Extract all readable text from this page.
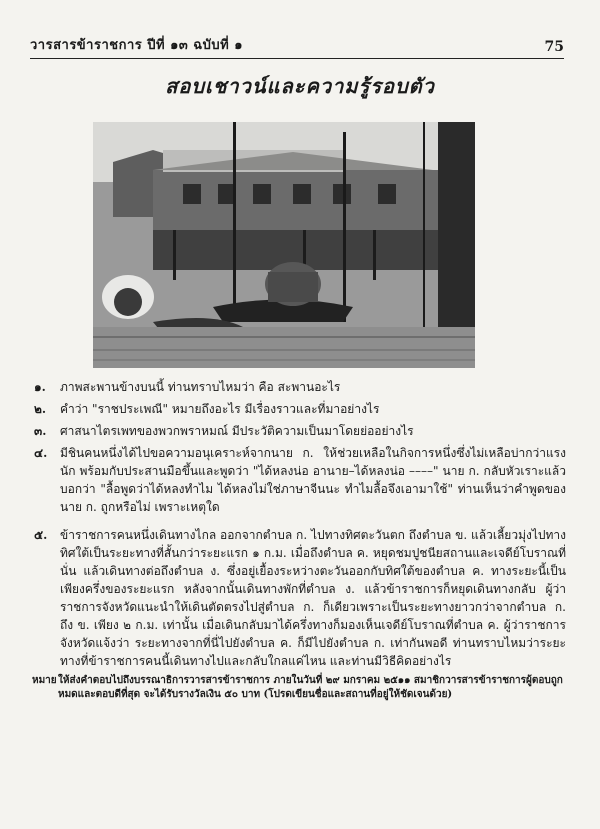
วารสารข้าราชการ ปีที่ ๑๓ ฉบับที่ ๑	75
สอบเชาวน์และความรู้รอบตัว
๑. ภาพสะพานข้างบนนี้ ท่านทราบไหมว่า คือ สะพานอะไร
๒. คำว่า "ราชประเพณี" หมายถึงอะไร มีเรื่องราวและที่มาอย่างไร
๓. ศาสนาไตรเพทของพวกพราหมณ์ มีประวัติความเป็นมาโดยย่ออย่างไร
๔. มีชินคนหนึ่งได้ไปขอความอนุเคราะห์จากนาย ก. ให้ช่วยเหลือในกิจการหนึ่งซึ่งไม่เหลือบ่ากว่าแรงนัก พร้อมกับประสานมือขึ้นและพูดว่า "ได้หลงน่อ อานาย–ได้หลงน่อ ––––" นาย ก. กลับหัวเราะแล้วบอกว่า "ลื้อพูดว่าได้หลงทำไม ได้หลงไม่ใช่ภาษาจีนนะ ทำไมลื้อจึงเอามาใช้" ท่านเห็นว่าคำพูดของ นาย ก. ถูกหรือไม่ เพราะเหตุใด
๕. ข้าราชการคนหนึ่งเดินทางไกล ออกจากตำบล ก. ไปทางทิศตะวันตก ถึงตำบล ข. แล้วเลี้ยวมุ่งไปทางทิศใต้เป็นระยะทางที่สั้นกว่าระยะแรก ๑ ก.ม. เมื่อถึงตำบล ค. หยุดชมปูชนียสถานและเจดีย์โบราณที่นั่น แล้วเดินทางต่อถึงตำบล ง. ซึ่งอยู่เยื้องระหว่างตะวันออกกับทิศใต้ของตำบล ค. ทางระยะนี้เป็นเพียงครึ่งของระยะแรก หลังจากนั้นเดินทางพักที่ตำบล ง. แล้วข้าราชการก็หยุดเดินทางกลับ ผู้ว่าราชการจังหวัดแนะนำให้เดินตัดตรงไปสู่ตำบล ก. ก็เดียวเพราะเป็นระยะทางยาวกว่าจากตำบล ก. ถึง ข. เพียง ๒ ก.ม. เท่านั้น เมื่อเดินกลับมาได้ครึ่งทางก็มองเห็นเจดีย์โบราณที่ตำบล ค. ผู้ว่าราชการจังหวัดแจ้งว่า ระยะทางจากที่นี่ไปยังตำบล ค. ก็มีไปยังตำบล ก. เท่ากันพอดี ท่านทราบไหมว่าระยะทางที่ข้าราชการคนนี้เดินทางไปและกลับใกลแค่ไหน และท่านมีวิธีคิดอย่างไร
หมาย ให้ส่งคำตอบไปถึงบรรณาธิการวารสารข้าราชการ ภายในวันที่ ๒๙ มกราคม ๒๕๑๑ สมาชิกวารสารข้าราชการผู้ตอบถูกหมดและตอบดีที่สุด จะได้รับรางวัลเงิน ๕๐ บาท (โปรดเขียนชื่อและสถานที่อยู่ให้ชัดเจนด้วย)
